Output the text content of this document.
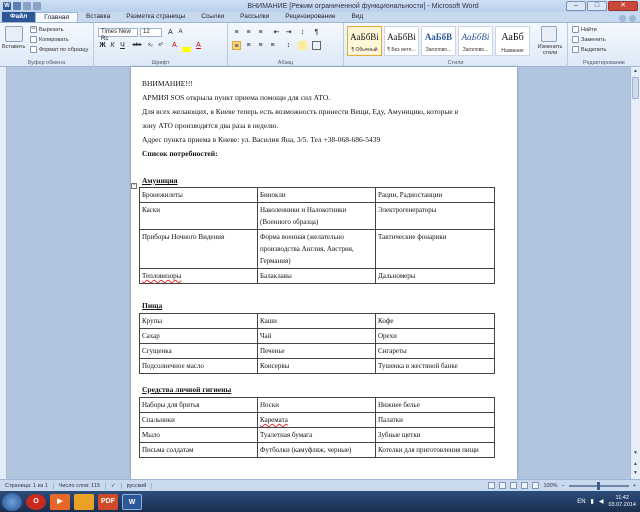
W	ВНИМАНИЕ [Режим ограниченной функциональности] - Microsoft Word	–	□	✕
Файл	Главная	Вставка	Разметка страницы	Ссылки	Рассылки	Рецензирование	Вид
Вставить
✂ Вырезать
Копировать
Формат по образцу
Буфер обмена
Times New Rc
12	A A
Ж К Ч	abc	x₂ x²	A	A
Шрифт
≡	≡	≡	⇤ ⇥	↕	¶
≡	≡	≡	≡	↕
Абзац
АаБбВі
¶ Обычный
АаБбВі
¶ Без инте...
АаБбВ
Заголово...
АаБбВі
Заголово...
АаБб
Название
Изменить стили
Стили
Найти
Заменить
Выделить
Редактирование
▲
▼
▲
▼
ВНИМАНИЕ!!!
АРМИЯ SOS открыла пункт приема помощи для сил АТО.
Для всех желающих, в Киеве теперь есть возможность принести Вещи, Еду, Амуницию, которые в
зону АТО производятся два раза в неделю.
Адрес пункта приема в Киеве: ул. Василия Яна, 3/5. Тел +38-068-686-5439
Список потребностей:
+
Амуниция
Бронежилеты	Бинокли	Рации, Радиостанции
Каски	Наколенники и Налокотники (Военного образца)	Электрогенераторы
Приборы Ночного Видения	Форма военная (желательно производства Англия, Австрия, Германия)	Тактические фонарики
Тепловизоры	Балаклавы	Дальномеры
Пища
Крупы	Каши	Кофе
Сахар	Чай	Орехи
Сгущенка	Печенье	Сигареты
Подсолнечное масло	Консервы	Тушенка в жестяной банке
Средства личной гигиены
Наборы для бритья	Носки	Нижнее белье
Спальники	Каремата	Палатки
Мыло	Туалетная бумага	Зубные щетки
Письма солдатам	Футболки (камуфляж, черные)	Котелки для приготовления пищи
Страница: 1 из 1	Число слов: 115	✓	русский	100% −	+
O	▶	PDF	W	EN ▮ ◀
11:42
03.07.2014
